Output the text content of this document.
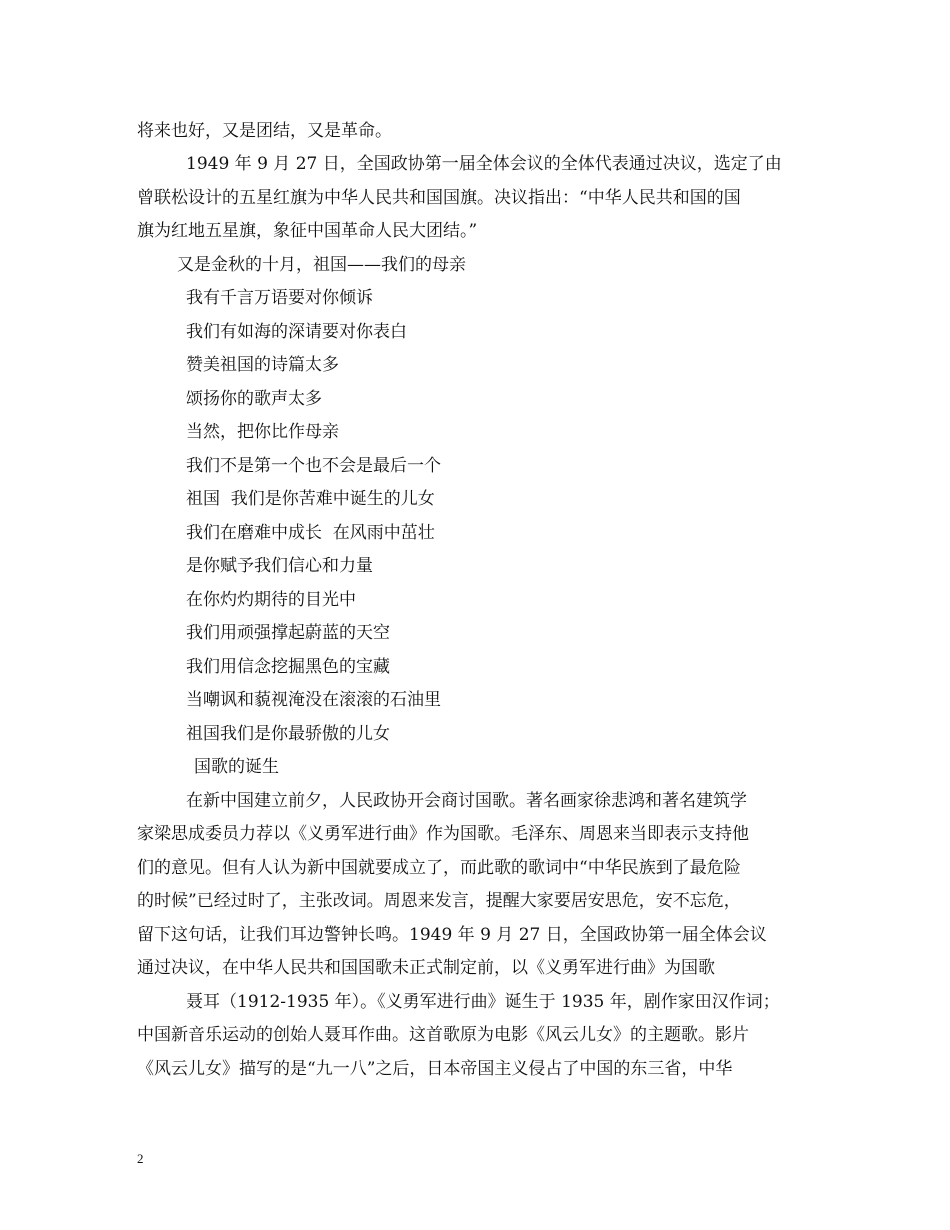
将来也好，又是团结，又是革命。
1949 年 9 月 27 日，全国政协第一届全体会议的全体代表通过决议，选定了由
曾联松设计的五星红旗为中华人民共和国国旗。决议指出：“中华人民共和国的国
旗为红地五星旗，象征中国革命人民大团结。”
又是金秋的十月，祖国——我们的母亲
我有千言万语要对你倾诉
我们有如海的深请要对你表白
赞美祖国的诗篇太多
颂扬你的歌声太多
当然，把你比作母亲
我们不是第一个也不会是最后一个
祖国  我们是你苦难中诞生的儿女
我们在磨难中成长  在风雨中茁壮
是你赋予我们信心和力量
在你灼灼期待的目光中
我们用顽强撑起蔚蓝的天空
我们用信念挖掘黑色的宝藏
当嘲讽和藐视淹没在滚滚的石油里
祖国我们是你最骄傲的儿女
国歌的诞生
在新中国建立前夕，人民政协开会商讨国歌。著名画家徐悲鸿和著名建筑学
家梁思成委员力荐以《义勇军进行曲》作为国歌。毛泽东、周恩来当即表示支持他
们的意见。但有人认为新中国就要成立了，而此歌的歌词中“中华民族到了最危险
的时候”已经过时了，主张改词。周恩来发言，提醒大家要居安思危，安不忘危，
留下这句话，让我们耳边警钟长鸣。1949 年 9 月 27 日，全国政协第一届全体会议
通过决议，在中华人民共和国国歌未正式制定前，以《义勇军进行曲》为国歌
聂耳（1912-1935 年）。《义勇军进行曲》诞生于 1935 年，剧作家田汉作词；
中国新音乐运动的创始人聂耳作曲。这首歌原为电影《风云儿女》的主题歌。影片
《风云儿女》描写的是“九一八”之后，日本帝国主义侵占了中国的东三省，中华
2
